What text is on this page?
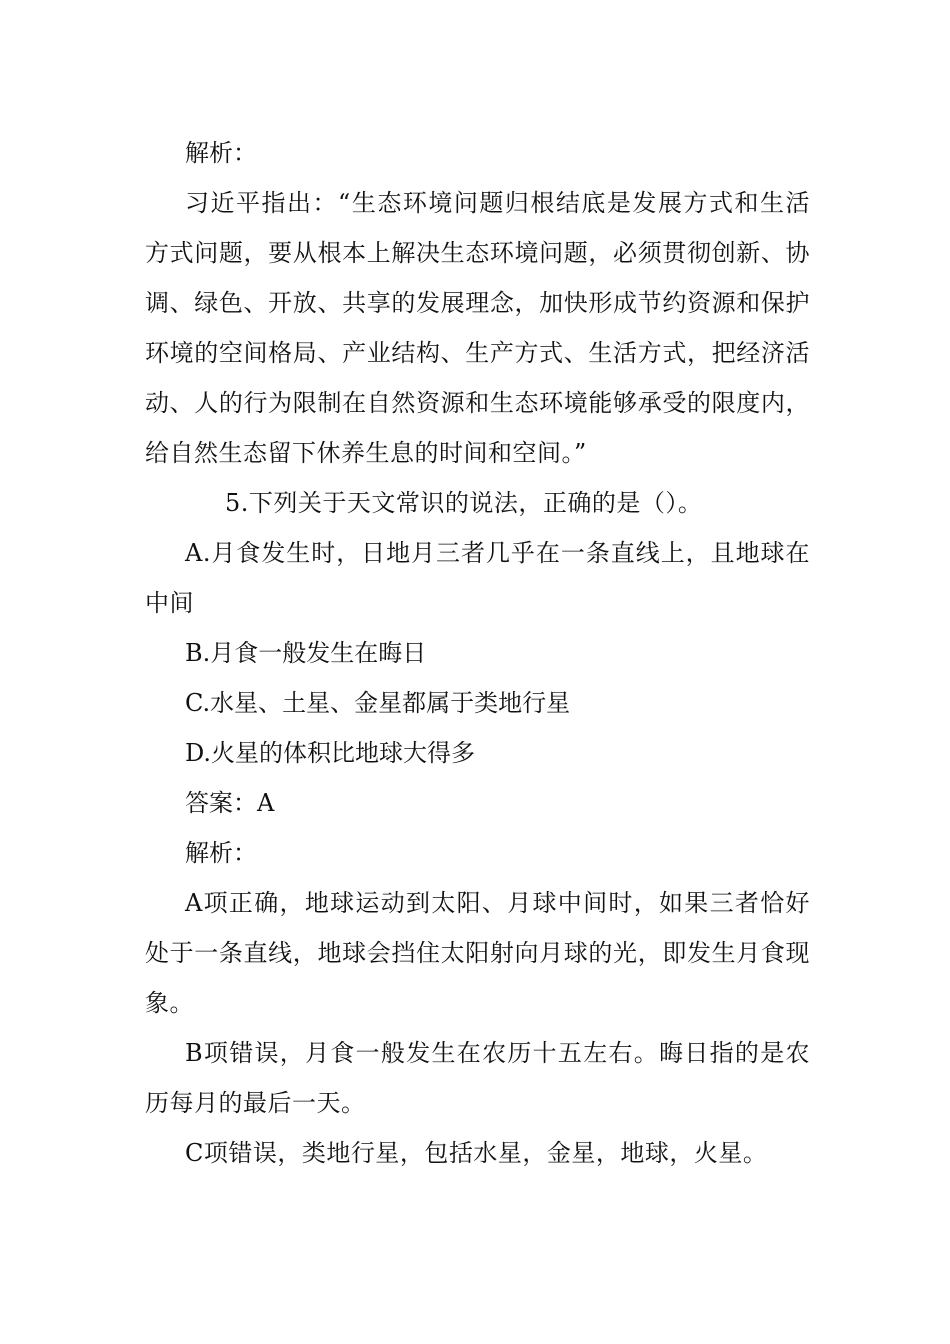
解析：

习近平指出：“生态环境问题归根结底是发展方式和生活方式问题，要从根本上解决生态环境问题，必须贯彻创新、协调、绿色、开放、共享的发展理念，加快形成节约资源和保护环境的空间格局、产业结构、生产方式、生活方式，把经济活动、人的行为限制在自然资源和生态环境能够承受的限度内，给自然生态留下休养生息的时间和空间。”

5.下列关于天文常识的说法，正确的是（）。

A.月食发生时，日地月三者几乎在一条直线上，且地球在中间

B.月食一般发生在晦日

C.水星、土星、金星都属于类地行星

D.火星的体积比地球大得多

答案：A

解析：

A项正确，地球运动到太阳、月球中间时，如果三者恰好处于一条直线，地球会挡住太阳射向月球的光，即发生月食现象。

B项错误，月食一般发生在农历十五左右。晦日指的是农历每月的最后一天。

C项错误，类地行星，包括水星，金星，地球，火星。
